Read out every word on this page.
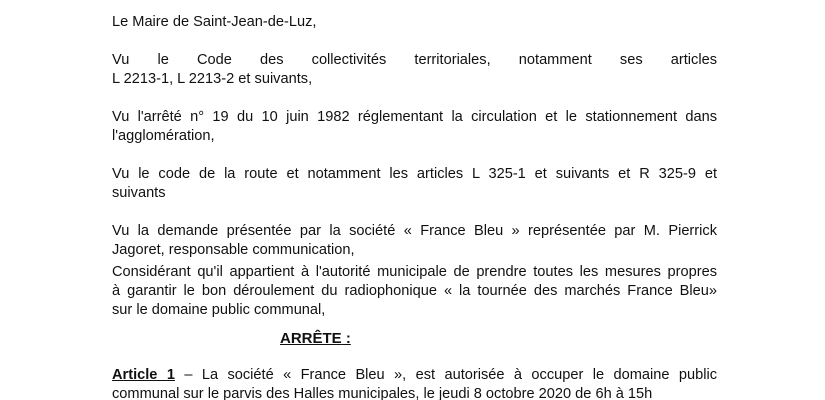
Le Maire de Saint-Jean-de-Luz,

Vu le Code des collectivités territoriales, notamment ses articles
L 2213-1, L 2213-2 et suivants,

Vu l'arrêté n° 19 du 10 juin 1982 réglementant la circulation et le stationnement dans
l'agglomération,

Vu le code de la route et notamment les articles L 325-1 et suivants et R 325-9 et
suivants

Vu la demande présentée par la société « France Bleu » représentée par M. Pierrick
Jagoret, responsable communication,

Considérant qu'il appartient à l'autorité municipale de prendre toutes les mesures propres
à garantir le bon déroulement du radiophonique « la tournée des marchés France Bleu»
sur le domaine public communal,

ARRÊTE :

Article 1 – La société « France Bleu », est autorisée à occuper le domaine public
communal sur le parvis des Halles municipales, le jeudi 8 octobre 2020 de 6h à 15h
